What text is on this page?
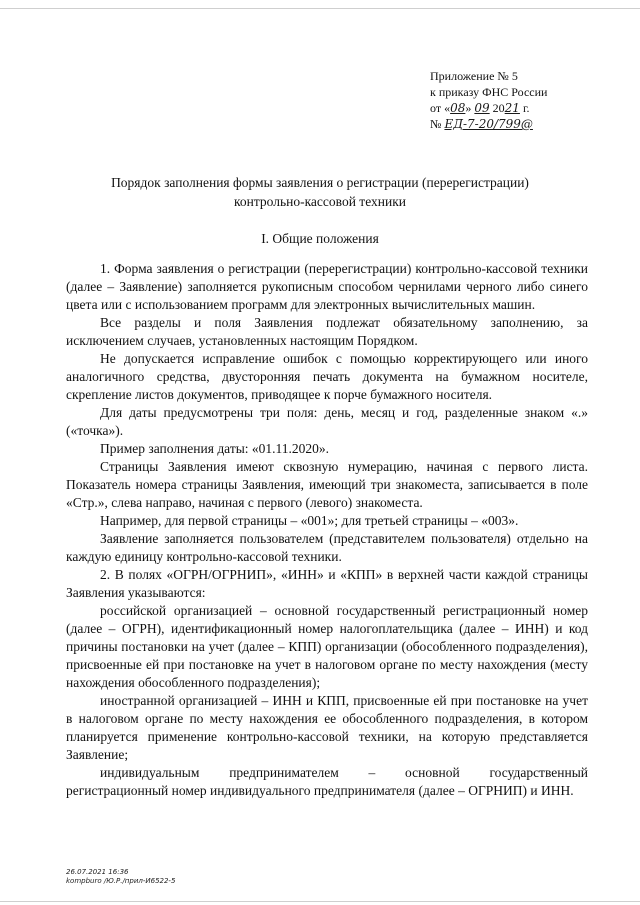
Приложение № 5
к приказу ФНС России
от «08» 09 2021 г.
№ ЕД-7-20/799@
Порядок заполнения формы заявления о регистрации (перерегистрации)
контрольно-кассовой техники
I. Общие положения

1. Форма заявления о регистрации (перерегистрации) контрольно-кассовой техники (далее – Заявление) заполняется рукописным способом чернилами черного либо синего цвета или с использованием программ для электронных вычислительных машин.

Все разделы и поля Заявления подлежат обязательному заполнению, за исключением случаев, установленных настоящим Порядком.

Не допускается исправление ошибок с помощью корректирующего или иного аналогичного средства, двусторонняя печать документа на бумажном носителе, скрепление листов документов, приводящее к порче бумажного носителя.

Для даты предусмотрены три поля: день, месяц и год, разделенные знаком «.» («точка»).

Пример заполнения даты: «01.11.2020».

Страницы Заявления имеют сквозную нумерацию, начиная с первого листа. Показатель номера страницы Заявления, имеющий три знакоместа, записывается в поле «Стр.», слева направо, начиная с первого (левого) знакоместа.

Например, для первой страницы – «001»; для третьей страницы – «003».

Заявление заполняется пользователем (представителем пользователя) отдельно на каждую единицу контрольно-кассовой техники.

2. В полях «ОГРН/ОГРНИП», «ИНН» и «КПП» в верхней части каждой страницы Заявления указываются:

российской организацией – основной государственный регистрационный номер (далее – ОГРН), идентификационный номер налогоплательщика (далее – ИНН) и код причины постановки на учет (далее – КПП) организации (обособленного подразделения), присвоенные ей при постановке на учет в налоговом органе по месту нахождения (месту нахождения обособленного подразделения);

иностранной организацией – ИНН и КПП, присвоенные ей при постановке на учет в налоговом органе по месту нахождения ее обособленного подразделения, в котором планируется применение контрольно-кассовой техники, на которую представляется Заявление;

индивидуальным предпринимателем – основной государственный регистрационный номер индивидуального предпринимателя (далее – ОГРНИП) и ИНН.

26.07.2021 16:36
kompburo /Ю.Р./прил-И6522-5
